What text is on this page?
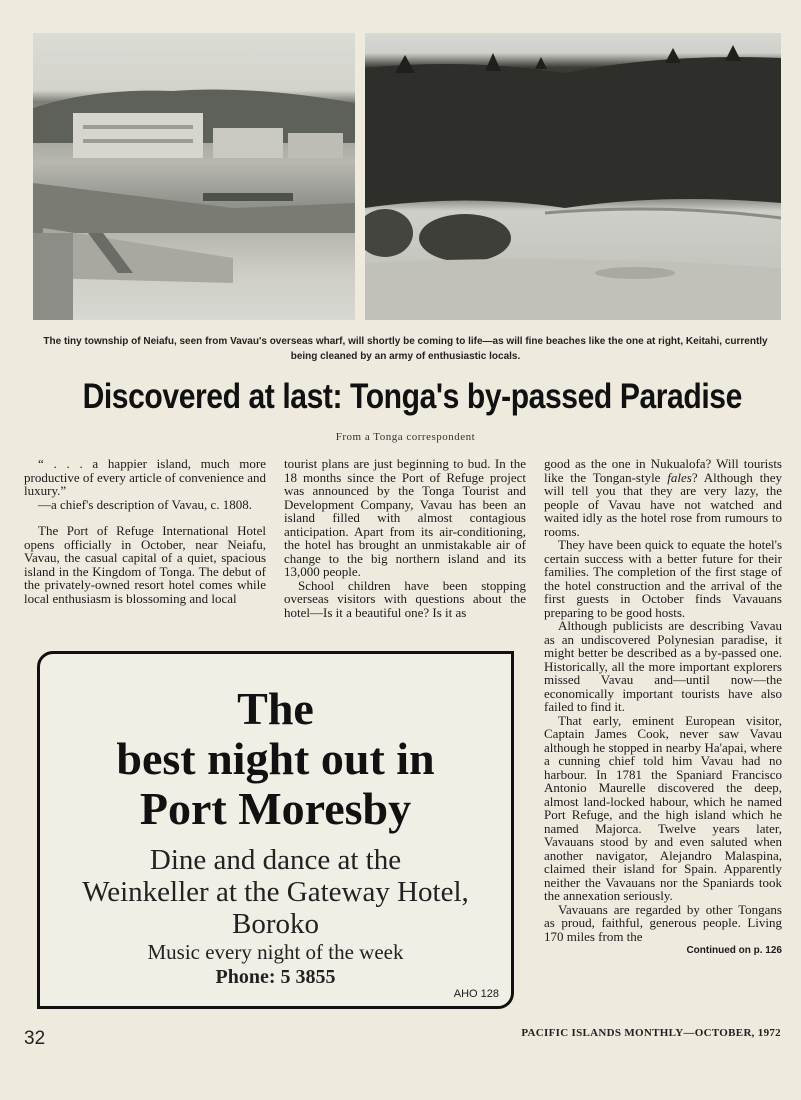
The tiny township of Neiafu, seen from Vavau's overseas wharf, will shortly be coming to life—as will fine beaches like the one at right, Keitahi, currently being cleaned by an army of enthusiastic locals.
Discovered at last: Tonga's by-passed Paradise
From a Tonga correspondent

“ . . . a happier island, much more productive of every article of convenience and luxury.”

—a chief's description of Vavau, c. 1808.

The Port of Refuge International Hotel opens officially in October, near Neiafu, Vavau, the casual capital of a quiet, spacious island in the Kingdom of Tonga. The debut of the privately-owned resort hotel comes while local enthusiasm is blossoming and local

tourist plans are just beginning to bud. In the 18 months since the Port of Refuge project was announced by the Tonga Tourist and Development Company, Vavau has been an island filled with almost contagious anticipation. Apart from its air-conditioning, the hotel has brought an unmistakable air of change to the big northern island and its 13,000 people.

School children have been stopping overseas visitors with questions about the hotel—Is it a beautiful one? Is it as

good as the one in Nukualofa? Will tourists like the Tongan-style fales? Although they will tell you that they are very lazy, the people of Vavau have not watched and waited idly as the hotel rose from rumours to rooms.

They have been quick to equate the hotel's certain success with a better future for their families. The completion of the first stage of the hotel construction and the arrival of the first guests in October finds Vavauans preparing to be good hosts.

Although publicists are describing Vavau as an undiscovered Polynesian paradise, it might better be described as a by-passed one. Historically, all the more important explorers missed Vavau and—until now—the economically important tourists have also failed to find it.

That early, eminent European visitor, Captain James Cook, never saw Vavau although he stopped in nearby Ha'apai, where a cunning chief told him Vavau had no harbour. In 1781 the Spaniard Francisco Antonio Maurelle discovered the deep, almost land-locked habour, which he named Port Refuge, and the high island which he named Majorca. Twelve years later, Vavauans stood by and even saluted when another navigator, Alejandro Malaspina, claimed their island for Spain. Apparently neither the Vavauans nor the Spaniards took the annexation seriously.

Vavauans are regarded by other Tongans as proud, faithful, generous people. Living 170 miles from the

Continued on p. 126
The
best night out in
Port Moresby
Dine and dance at the
Weinkeller at the Gateway Hotel,
Boroko
Music every night of the week
Phone: 5 3855
AHO 128
32	PACIFIC ISLANDS MONTHLY—OCTOBER, 1972
